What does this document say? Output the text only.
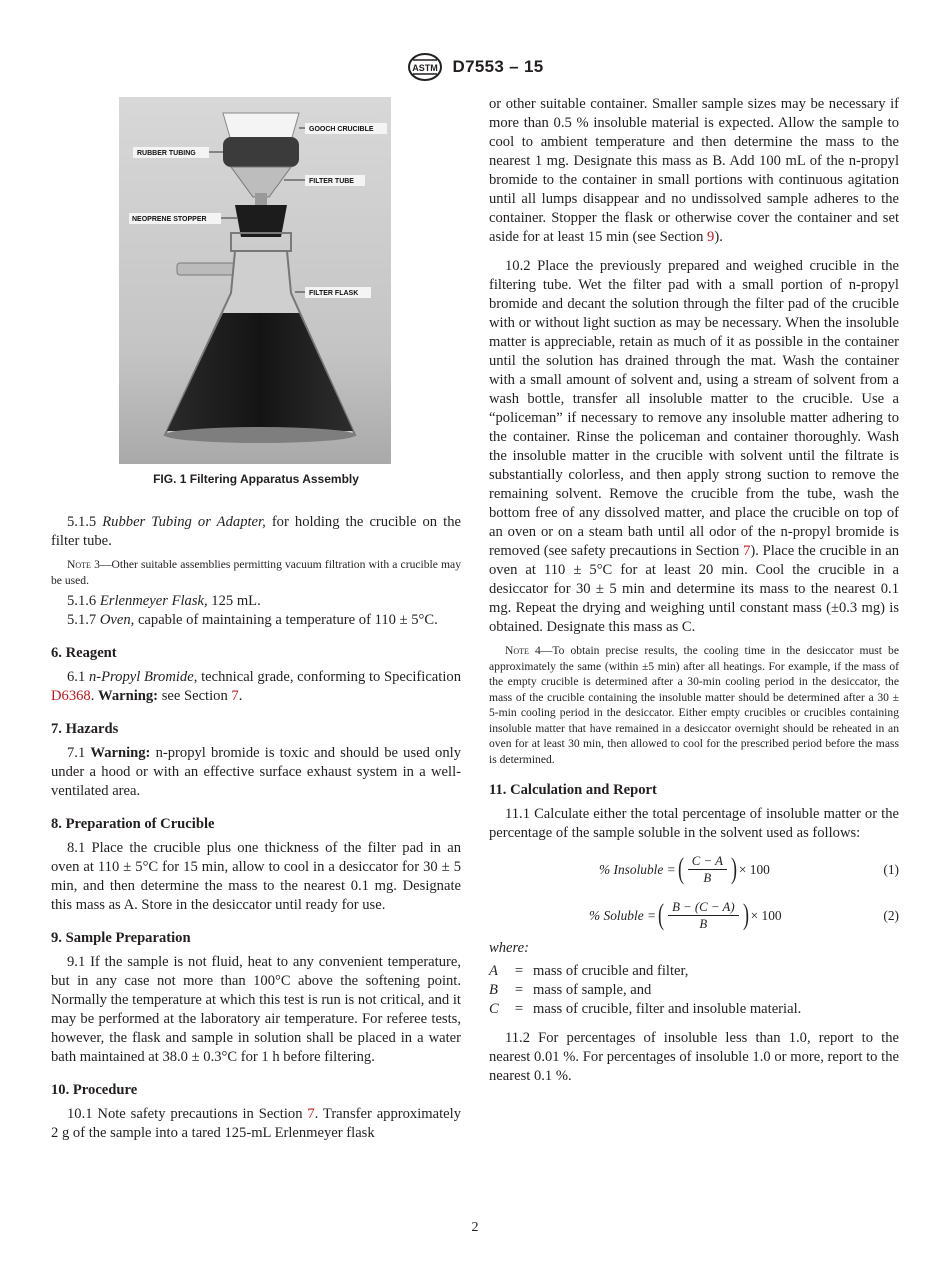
ASTM D7553 – 15
GOOCH CRUCIBLE
RUBBER TUBING
FILTER TUBE
NEOPRENE STOPPER
FILTER FLASK
FIG. 1 Filtering Apparatus Assembly

5.1.5 Rubber Tubing or Adapter, for holding the crucible on the filter tube.

Note 3—Other suitable assemblies permitting vacuum filtration with a crucible may be used.

5.1.6 Erlenmeyer Flask, 125 mL.

5.1.7 Oven, capable of maintaining a temperature of 110 ± 5°C.

6. Reagent

6.1 n-Propyl Bromide, technical grade, conforming to Specification D6368. Warning: see Section 7.

7. Hazards

7.1 Warning: n-propyl bromide is toxic and should be used only under a hood or with an effective surface exhaust system in a well-ventilated area.

8. Preparation of Crucible

8.1 Place the crucible plus one thickness of the filter pad in an oven at 110 ± 5°C for 15 min, allow to cool in a desiccator for 30 ± 5 min, and then determine the mass to the nearest 0.1 mg. Designate this mass as A. Store in the desiccator until ready for use.

9. Sample Preparation

9.1 If the sample is not fluid, heat to any convenient temperature, but in any case not more than 100°C above the softening point. Normally the temperature at which this test is run is not critical, and it may be performed at the laboratory air temperature. For referee tests, however, the flask and sample in solution shall be placed in a water bath maintained at 38.0 ± 0.3°C for 1 h before filtering.

10. Procedure

10.1 Note safety precautions in Section 7. Transfer approximately 2 g of the sample into a tared 125-mL Erlenmeyer flask

or other suitable container. Smaller sample sizes may be necessary if more than 0.5 % insoluble material is expected. Allow the sample to cool to ambient temperature and then determine the mass to the nearest 1 mg. Designate this mass as B. Add 100 mL of the n-propyl bromide to the container in small portions with continuous agitation until all lumps disappear and no undissolved sample adheres to the container. Stopper the flask or otherwise cover the container and set aside for at least 15 min (see Section 9).

10.2 Place the previously prepared and weighed crucible in the filtering tube. Wet the filter pad with a small portion of n-propyl bromide and decant the solution through the filter pad of the crucible with or without light suction as may be necessary. When the insoluble matter is appreciable, retain as much of it as possible in the container until the solution has drained through the mat. Wash the container with a small amount of solvent and, using a stream of solvent from a wash bottle, transfer all insoluble matter to the crucible. Use a “policeman” if necessary to remove any insoluble matter adhering to the container. Rinse the policeman and container thoroughly. Wash the insoluble matter in the crucible with solvent until the filtrate is substantially colorless, and then apply strong suction to remove the remaining solvent. Remove the crucible from the tube, wash the bottom free of any dissolved matter, and place the crucible on top of an oven or on a steam bath until all odor of the n-propyl bromide is removed (see safety precautions in Section 7). Place the crucible in an oven at 110 ± 5°C for at least 20 min. Cool the crucible in a desiccator for 30 ± 5 min and determine its mass to the nearest 0.1 mg. Repeat the drying and weighing until constant mass (±0.3 mg) is obtained. Designate this mass as C.

Note 4—To obtain precise results, the cooling time in the desiccator must be approximately the same (within ±5 min) after all heatings. For example, if the mass of the empty crucible is determined after a 30-min cooling period in the desiccator, the mass of the crucible containing the insoluble matter should be determined after a 30 ± 5-min cooling period in the desiccator. Either empty crucibles or crucibles containing insoluble matter that have remained in a desiccator overnight should be reheated in an oven for at least 30 min, then allowed to cool for the prescribed period before the mass is determined.

11. Calculation and Report

11.1 Calculate either the total percentage of insoluble matter or the percentage of the sample soluble in the solvent used as follows:

% Insoluble = ( $\frac{C - A}{B}$ ) × 100	(1)
% Soluble = ( $\frac{B - (C - A)}{B}$ ) × 100	(2)

where:

A	= mass of crucible and filter,
B	= mass of sample, and
C	= mass of crucible, filter and insoluble material.

11.2 For percentages of insoluble less than 1.0, report to the nearest 0.01 %. For percentages of insoluble 1.0 or more, report to the nearest 0.1 %.

2
